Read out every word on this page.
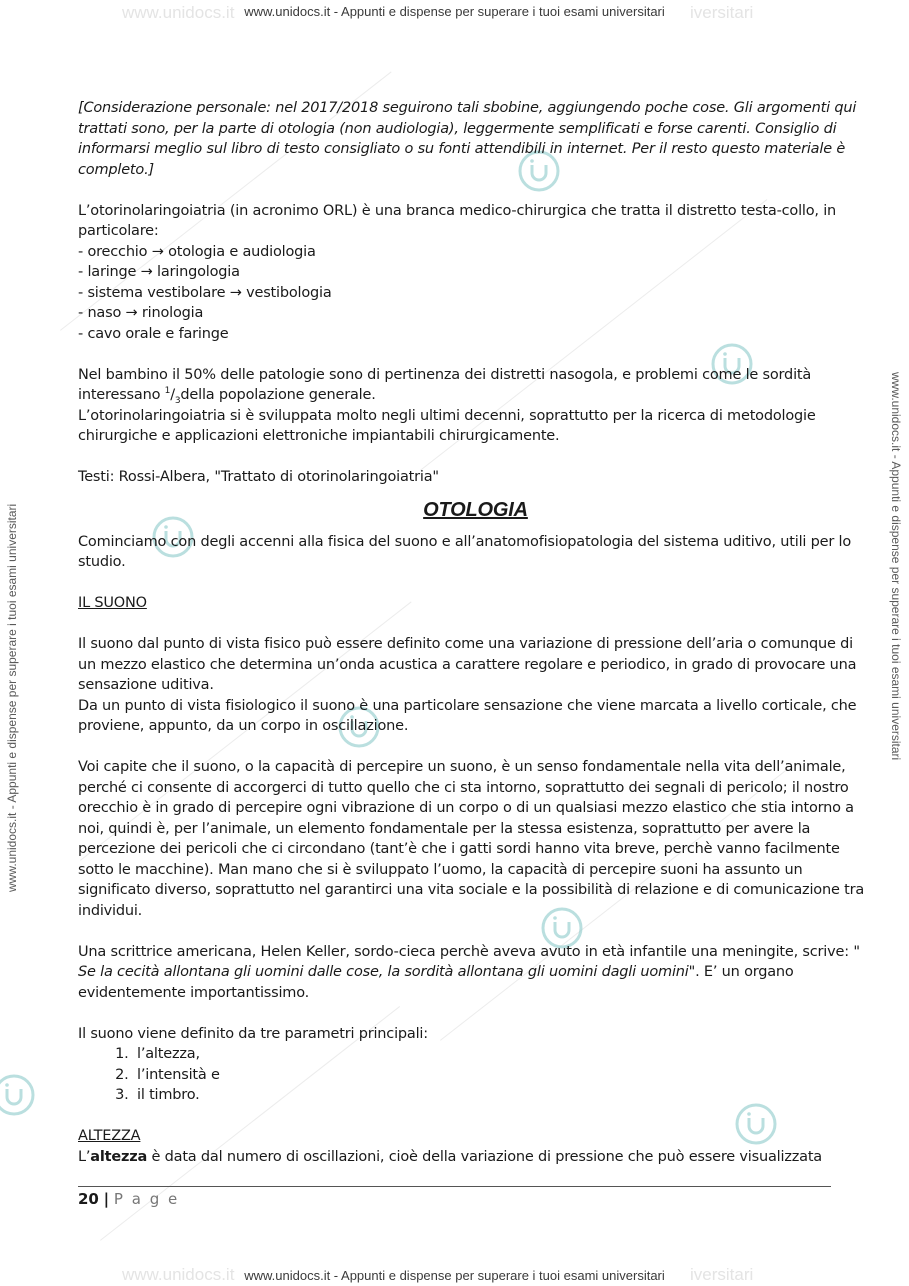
www.unidocs.it	iversitari
www.unidocs.it - Appunti e dispense per superare i tuoi esami universitari
www.unidocs.it	iversitari
www.unidocs.it - Appunti e dispense per superare i tuoi esami universitari
www.unidocs.it - Appunti e dispense per superare i tuoi esami universitari	www.unidocs.it - Appunti e dispense per superare i tuoi esami universitari

[Considerazione personale: nel 2017/2018 seguirono tali sbobine, aggiungendo poche cose. Gli argomenti qui trattati sono, per la parte di otologia (non audiologia), leggermente semplificati e forse carenti. Consiglio di informarsi meglio sul libro di testo consigliato o su fonti attendibili in internet. Per il resto questo materiale è completo.]

L’otorinolaringoiatria (in acronimo ORL) è una branca medico-chirurgica che tratta il distretto testa-collo, in particolare:

- orecchio → otologia e audiologia

- laringe → laringologia

- sistema vestibolare → vestibologia

- naso → rinologia

- cavo orale e faringe

Nel bambino il 50% delle patologie sono di pertinenza dei distretti nasogola, e problemi come le sordità interessano $^1/_3della$ popolazione generale.

L’otorinolaringoiatria si è sviluppata molto negli ultimi decenni, soprattutto per la ricerca di metodologie chirurgiche e applicazioni elettroniche impiantabili chirurgicamente.

Testi: Rossi-Albera, "Trattato di otorinolaringoiatria"

OTOLOGIA

Cominciamo con degli accenni alla fisica del suono e all’anatomofisiopatologia del sistema uditivo, utili per lo studio.

IL SUONO

Il suono dal punto di vista fisico può essere definito come una variazione di pressione dell’aria o comunque di un mezzo elastico che determina un’onda acustica a carattere regolare e periodico, in grado di provocare una sensazione uditiva.

Da un punto di vista fisiologico il suono è una particolare sensazione che viene marcata a livello corticale, che proviene, appunto, da un corpo in oscillazione.

Voi capite che il suono, o la capacità di percepire un suono, è un senso fondamentale nella vita dell’animale, perché ci consente di accorgerci di tutto quello che ci sta intorno, soprattutto dei segnali di pericolo; il nostro orecchio è in grado di percepire ogni vibrazione di un corpo o di un qualsiasi mezzo elastico che stia intorno a noi, quindi è, per l’animale, un elemento fondamentale per la stessa esistenza, soprattutto per avere la percezione dei pericoli che ci circondano (tant’è che i gatti sordi hanno vita breve, perchè vanno facilmente sotto le macchine). Man mano che si è sviluppato l’uomo, la capacità di percepire suoni ha assunto un significato diverso, soprattutto nel garantirci una vita sociale e la possibilità di relazione e di comunicazione tra individui.

Una scrittrice americana, Helen Keller, sordo-cieca perchè aveva avuto in età infantile una meningite, scrive: " Se la cecità allontana gli uomini dalle cose, la sordità allontana gli uomini dagli uomini". E’ un organo evidentemente importantissimo.

Il suono viene definito da tre parametri principali:

1. l’altezza,
2. l’intensità e
3. il timbro.

ALTEZZA

L’altezza è data dal numero di oscillazioni, cioè della variazione di pressione che può essere visualizzata

20 | P a g e
